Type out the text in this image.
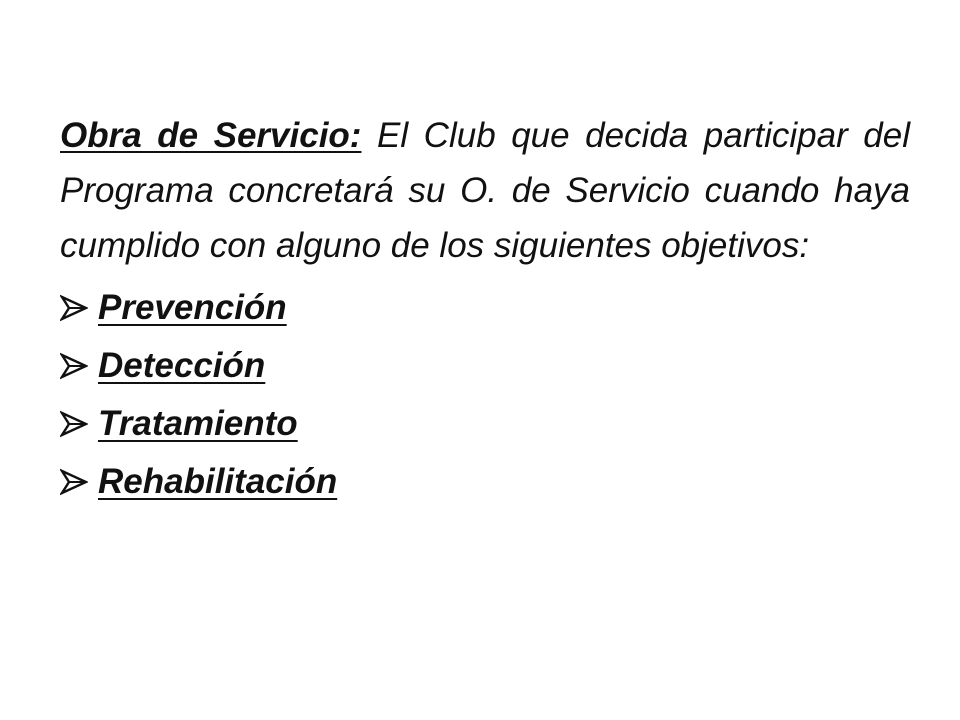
Obra de Servicio: El Club que decida participar del Programa concretará su O. de Servicio cuando haya cumplido con alguno de los siguientes objetivos:

Prevención
Detección
Tratamiento
Rehabilitación
